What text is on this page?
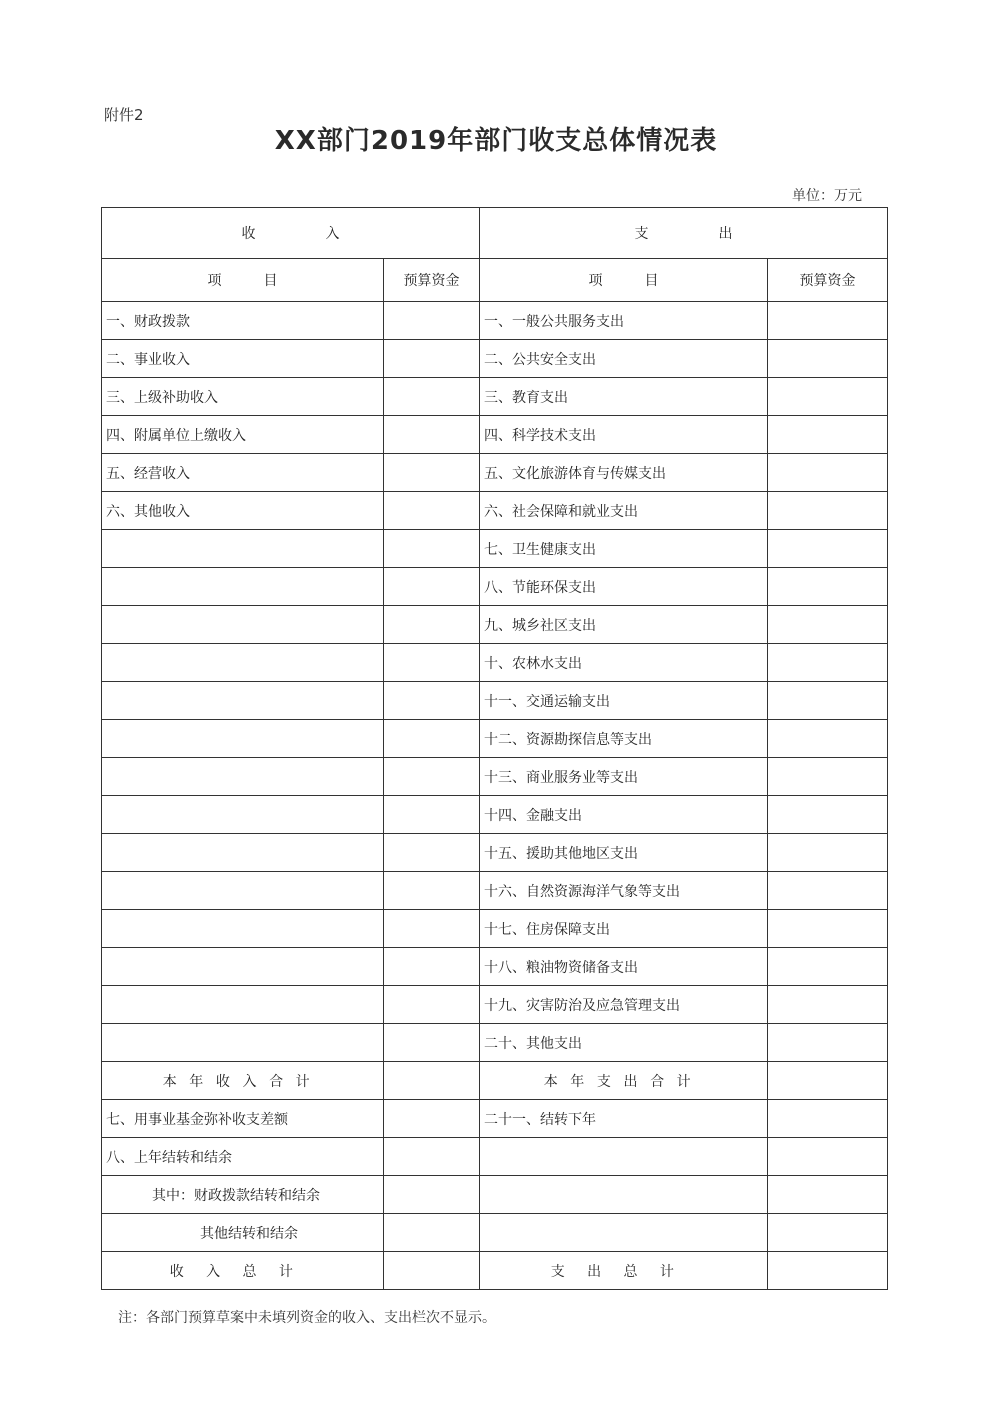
附件2
XX部门2019年部门收支总体情况表
单位：万元
收　　　　　入		支　　　　　出	
项　　　目	预算资金	项　　　目	预算资金
一、财政拨款		一、一般公共服务支出	
二、事业收入		二、公共安全支出	
三、上级补助收入		三、教育支出	
四、附属单位上缴收入		四、科学技术支出	
五、经营收入		五、文化旅游体育与传媒支出	
六、其他收入		六、社会保障和就业支出	
		七、卫生健康支出	
		八、节能环保支出	
		九、城乡社区支出	
		十、农林水支出	
		十一、交通运输支出	
		十二、资源勘探信息等支出	
		十三、商业服务业等支出	
		十四、金融支出	
		十五、援助其他地区支出	
		十六、自然资源海洋气象等支出	
		十七、住房保障支出	
		十八、粮油物资储备支出	
		十九、灾害防治及应急管理支出	
		二十、其他支出	
本年收入合计		本年支出合计	
七、用事业基金弥补收支差额		二十一、结转下年	
八、上年结转和结余			
其中：财政拨款结转和结余			
其他结转和结余			
收入总计		支出总计	
注：各部门预算草案中未填列资金的收入、支出栏次不显示。
